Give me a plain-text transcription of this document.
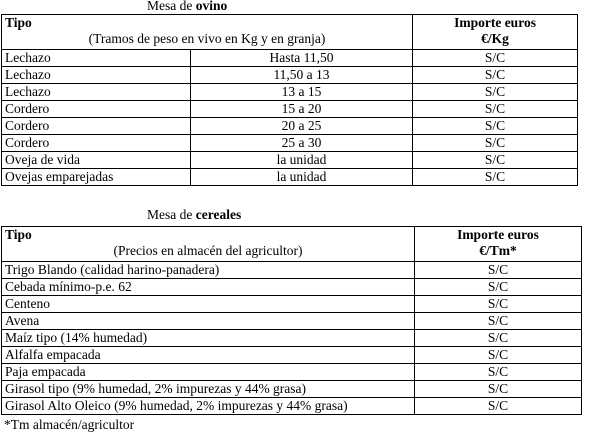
Mesa de ovino
Tipo
(Tramos de peso en vivo en Kg y en granja)		Importe euros
€/Kg

Lechazo	Hasta 11,50	S/C
Lechazo	11,50 a 13	S/C
Lechazo	13 a 15	S/C
Cordero	15 a 20	S/C
Cordero	20 a 25	S/C
Cordero	25 a 30	S/C
Oveja de vida	la unidad	S/C
Ovejas emparejadas	la unidad	S/C
Mesa de cereales
Tipo
(Precios en almacén del agricultor)	Importe euros
€/Tm*

Trigo Blando (calidad harino-panadera)	S/C
Cebada mínimo-p.e. 62	S/C
Centeno	S/C
Avena	S/C
Maíz tipo (14% humedad)	S/C
Alfalfa empacada	S/C
Paja empacada	S/C
Girasol tipo (9% humedad, 2% impurezas y 44% grasa)	S/C
Girasol Alto Oleico (9% humedad, 2% impurezas y 44% grasa)	S/C
*Tm almacén/agricultor
